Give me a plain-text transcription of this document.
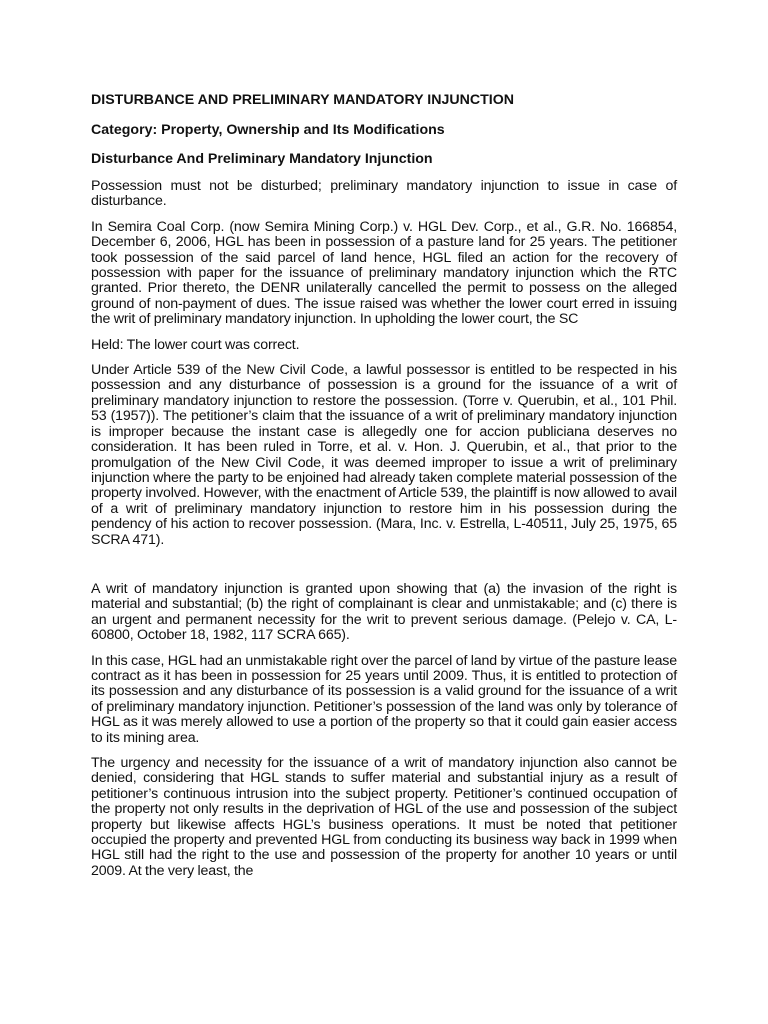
DISTURBANCE AND PRELIMINARY MANDATORY INJUNCTION
Category: Property, Ownership and Its Modifications
Disturbance And Preliminary Mandatory Injunction

Possession must not be disturbed; preliminary mandatory injunction to issue in case of disturbance.

In Semira Coal Corp. (now Semira Mining Corp.) v. HGL Dev. Corp., et al., G.R. No. 166854, December 6, 2006, HGL has been in possession of a pasture land for 25 years. The petitioner took possession of the said parcel of land hence, HGL filed an action for the recovery of possession with paper for the issuance of preliminary mandatory injunction which the RTC granted. Prior thereto, the DENR unilaterally cancelled the permit to possess on the alleged ground of non-payment of dues. The issue raised was whether the lower court erred in issuing the writ of preliminary mandatory injunction. In upholding the lower court, the SC

Held: The lower court was correct.

Under Article 539 of the New Civil Code, a lawful possessor is entitled to be respected in his possession and any disturbance of possession is a ground for the issuance of a writ of preliminary mandatory injunction to restore the possession. (Torre v. Querubin, et al., 101 Phil. 53 (1957)). The petitioner’s claim that the issuance of a writ of preliminary mandatory injunction is improper because the instant case is allegedly one for accion publiciana deserves no consideration. It has been ruled in Torre, et al. v. Hon. J. Querubin, et al., that prior to the promulgation of the New Civil Code, it was deemed improper to issue a writ of preliminary injunction where the party to be enjoined had already taken complete material possession of the property involved. However, with the enactment of Article 539, the plaintiff is now allowed to avail of a writ of preliminary mandatory injunction to restore him in his possession during the pendency of his action to recover possession. (Mara, Inc. v. Estrella, L-40511, July 25, 1975, 65 SCRA 471).

A writ of mandatory injunction is granted upon showing that (a) the invasion of the right is material and substantial; (b) the right of complainant is clear and unmistakable; and (c) there is an urgent and permanent necessity for the writ to prevent serious damage. (Pelejo v. CA, L-60800, October 18, 1982, 117 SCRA 665).

In this case, HGL had an unmistakable right over the parcel of land by virtue of the pasture lease contract as it has been in possession for 25 years until 2009. Thus, it is entitled to protection of its possession and any disturbance of its possession is a valid ground for the issuance of a writ of preliminary mandatory injunction. Petitioner’s possession of the land was only by tolerance of HGL as it was merely allowed to use a portion of the property so that it could gain easier access to its mining area.

The urgency and necessity for the issuance of a writ of mandatory injunction also cannot be denied, considering that HGL stands to suffer material and substantial injury as a result of petitioner’s continuous intrusion into the subject property. Petitioner’s continued occupation of the property not only results in the deprivation of HGL of the use and possession of the subject property but likewise affects HGL’s business operations. It must be noted that petitioner occupied the property and prevented HGL from conducting its business way back in 1999 when HGL still had the right to the use and possession of the property for another 10 years or until 2009. At the very least, the
